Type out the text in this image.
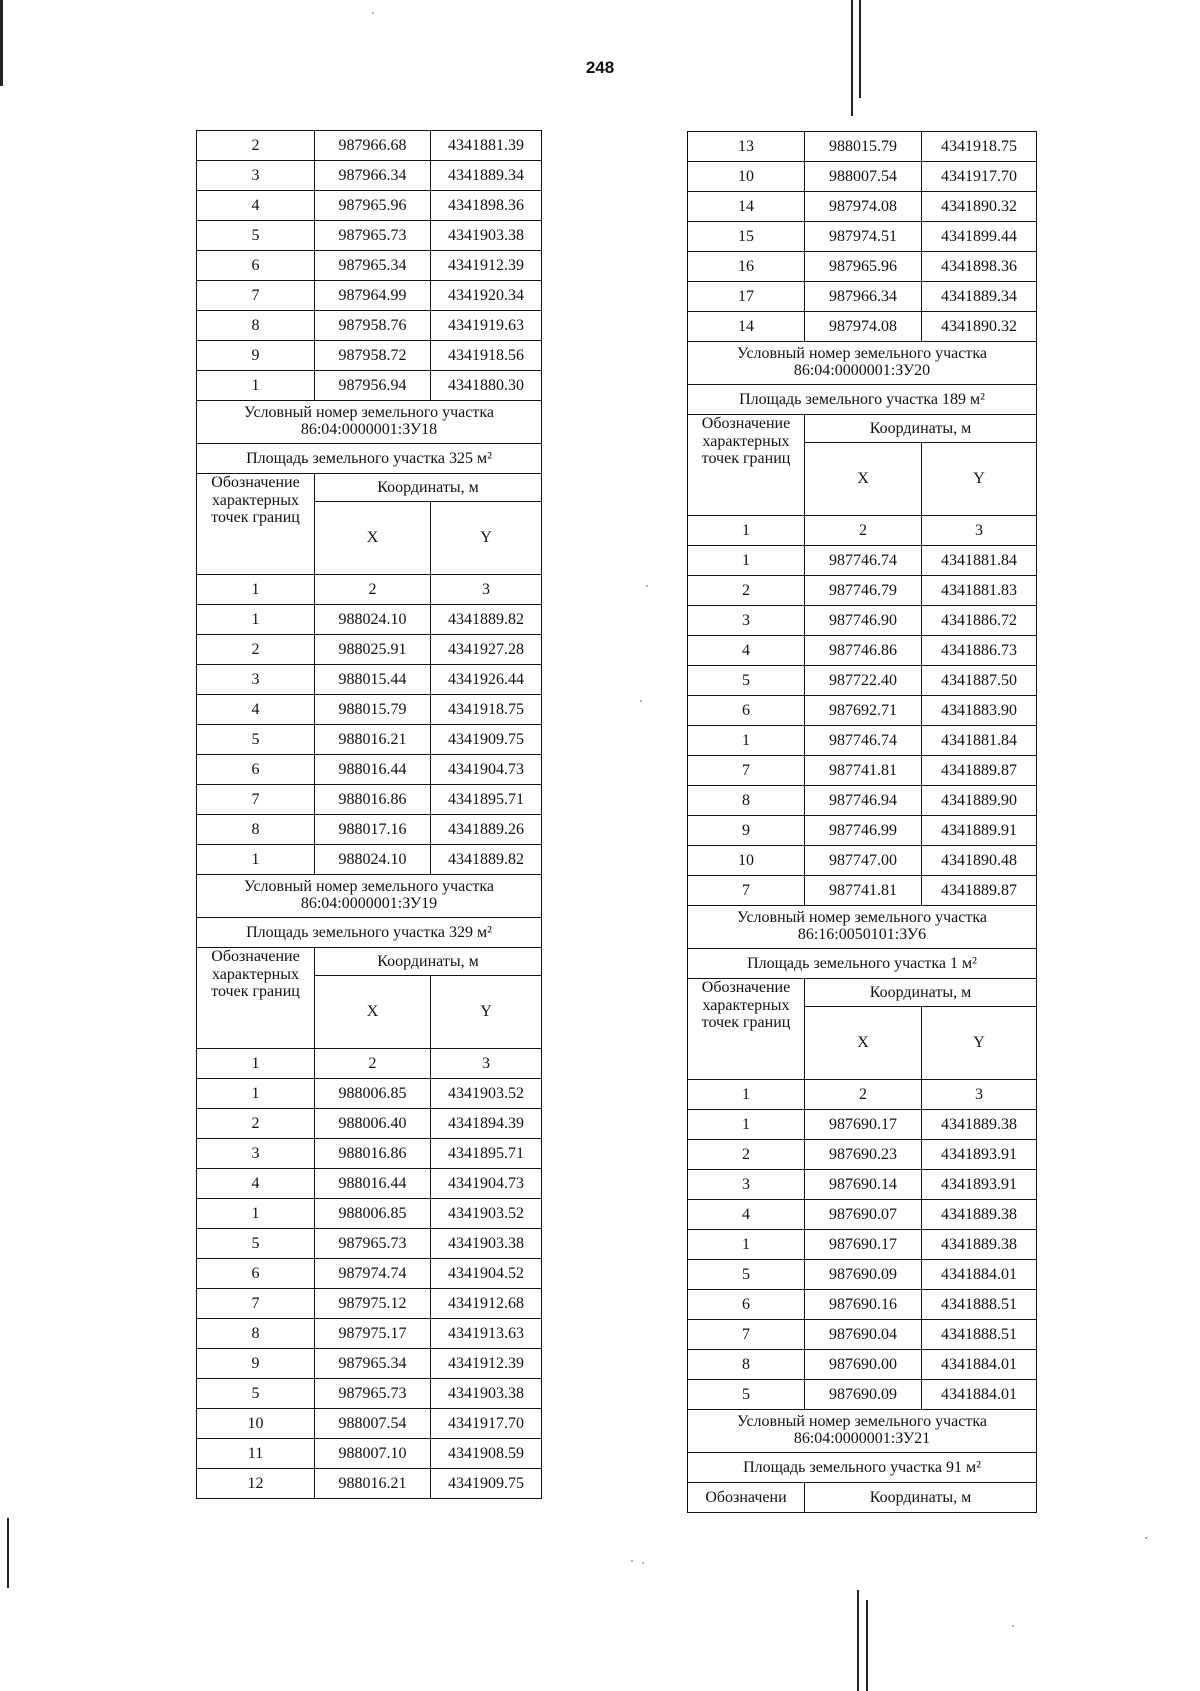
248
2	987966.68	4341881.39
3	987966.34	4341889.34
4	987965.96	4341898.36
5	987965.73	4341903.38
6	987965.34	4341912.39
7	987964.99	4341920.34
8	987958.76	4341919.63
9	987958.72	4341918.56
1	987956.94	4341880.30
Условный номер земельного участка 86:04:0000001:ЗУ18		
Площадь земельного участка 325 м²		
Обозначение характерных точек границ	Координаты, м	
	X	Y
1	2	3
1	988024.10	4341889.82
2	988025.91	4341927.28
3	988015.44	4341926.44
4	988015.79	4341918.75
5	988016.21	4341909.75
6	988016.44	4341904.73
7	988016.86	4341895.71
8	988017.16	4341889.26
1	988024.10	4341889.82
Условный номер земельного участка 86:04:0000001:ЗУ19		
Площадь земельного участка 329 м²		
Обозначение характерных точек границ	Координаты, м	
	X	Y
1	2	3
1	988006.85	4341903.52
2	988006.40	4341894.39
3	988016.86	4341895.71
4	988016.44	4341904.73
1	988006.85	4341903.52
5	987965.73	4341903.38
6	987974.74	4341904.52
7	987975.12	4341912.68
8	987975.17	4341913.63
9	987965.34	4341912.39
5	987965.73	4341903.38
10	988007.54	4341917.70
11	988007.10	4341908.59
12	988016.21	4341909.75
13	988015.79	4341918.75
10	988007.54	4341917.70
14	987974.08	4341890.32
15	987974.51	4341899.44
16	987965.96	4341898.36
17	987966.34	4341889.34
14	987974.08	4341890.32
Условный номер земельного участка 86:04:0000001:ЗУ20		
Площадь земельного участка 189 м²		
Обозначение характерных точек границ	Координаты, м	
	X	Y
1	2	3
1	987746.74	4341881.84
2	987746.79	4341881.83
3	987746.90	4341886.72
4	987746.86	4341886.73
5	987722.40	4341887.50
6	987692.71	4341883.90
1	987746.74	4341881.84
7	987741.81	4341889.87
8	987746.94	4341889.90
9	987746.99	4341889.91
10	987747.00	4341890.48
7	987741.81	4341889.87
Условный номер земельного участка 86:16:0050101:ЗУ6		
Площадь земельного участка 1 м²		
Обозначение характерных точек границ	Координаты, м	
	X	Y
1	2	3
1	987690.17	4341889.38
2	987690.23	4341893.91
3	987690.14	4341893.91
4	987690.07	4341889.38
1	987690.17	4341889.38
5	987690.09	4341884.01
6	987690.16	4341888.51
7	987690.04	4341888.51
8	987690.00	4341884.01
5	987690.09	4341884.01
Условный номер земельного участка 86:04:0000001:ЗУ21		
Площадь земельного участка 91 м²		
Обозначени	Координаты, м	
